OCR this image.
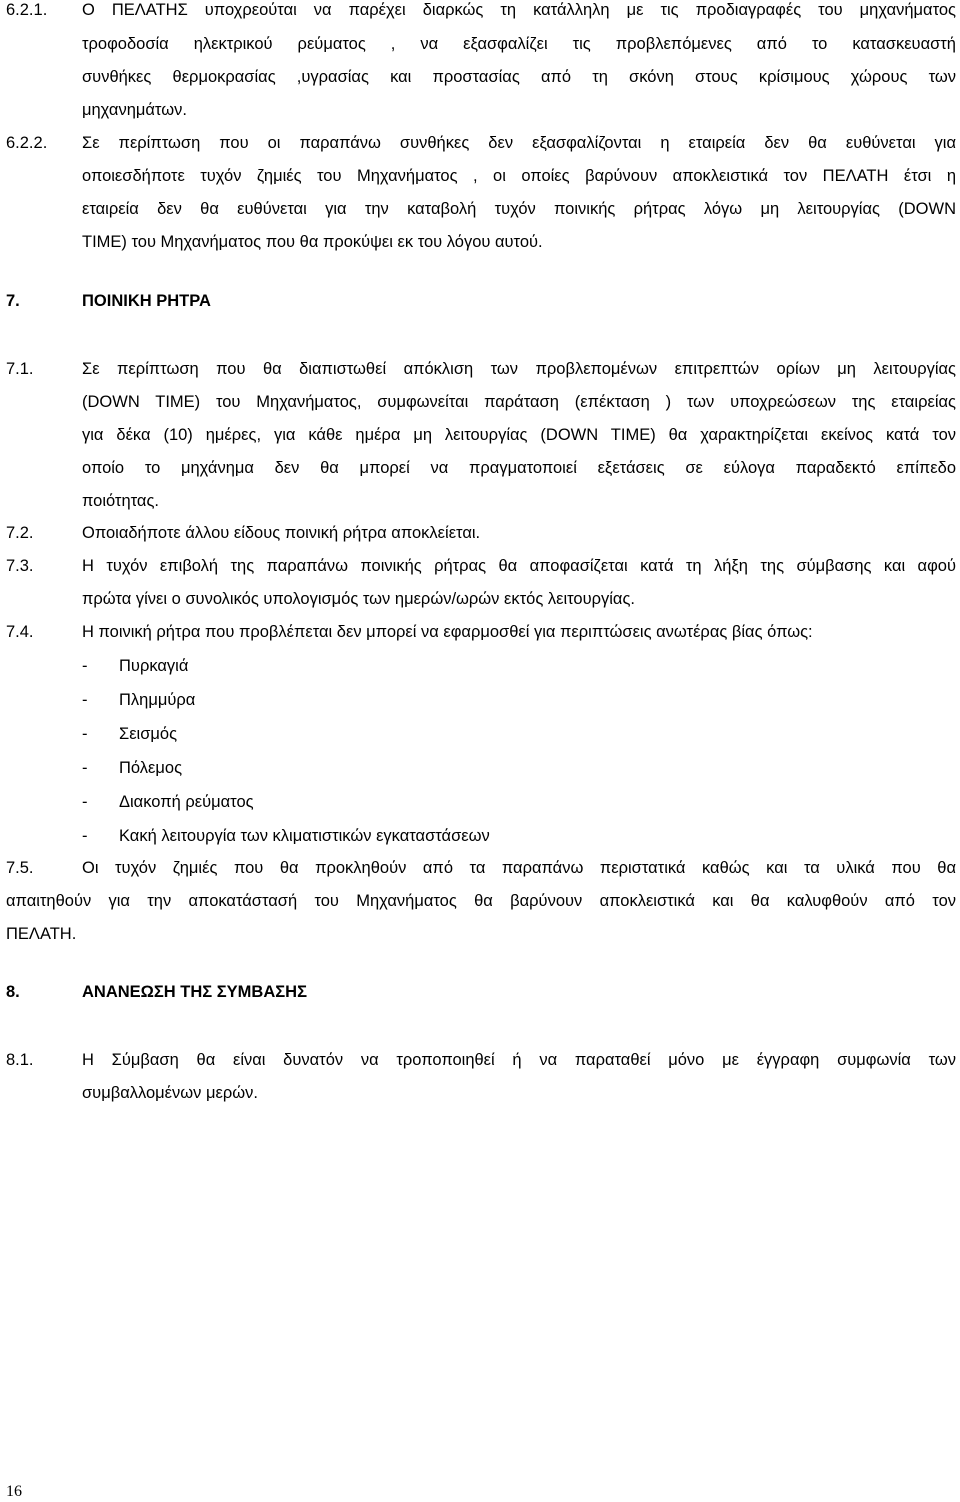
6.2.1. Ο ΠΕΛΑΤΗΣ υποχρεούται να παρέχει διαρκώς τη κατάλληλη με τις προδιαγραφές του μηχανήματος
τροφοδοσία ηλεκτρικού ρεύματος , να εξασφαλίζει τις προβλεπόμενες από το κατασκευαστή
συνθήκες θερμοκρασίας ,υγρασίας και προστασίας από τη σκόνη στους κρίσιμους χώρους των
μηχανημάτων.
6.2.2. Σε περίπτωση που οι παραπάνω συνθήκες δεν εξασφαλίζονται η εταιρεία δεν θα ευθύνεται για
οποιεσδήποτε τυχόν ζημιές του Μηχανήματος , οι οποίες βαρύνουν αποκλειστικά τον ΠΕΛΑΤΗ έτσι η
εταιρεία δεν θα ευθύνεται για την καταβολή τυχόν ποινικής ρήτρας λόγω μη λειτουργίας (DOWN
TIME) του Μηχανήματος που θα προκύψει εκ του λόγου αυτού.
7.	ΠΟΙΝΙΚΗ ΡΗΤΡΑ
7.1.	Σε περίπτωση που θα διαπιστωθεί απόκλιση των προβλεπομένων επιτρεπτών ορίων μη λειτουργίας
(DOWN TIME) του Μηχανήματος, συμφωνείται παράταση (επέκταση ) των υποχρεώσεων της εταιρείας
για δέκα (10) ημέρες, για κάθε ημέρα μη λειτουργίας (DOWN TIME) θα χαρακτηρίζεται εκείνος κατά τον
οποίο το μηχάνημα δεν θα μπορεί να πραγματοποιεί εξετάσεις σε εύλογα παραδεκτό επίπεδο
ποιότητας.
7.2.	Οποιαδήποτε άλλου είδους ποινική ρήτρα αποκλείεται.
7.3.	Η τυχόν επιβολή της παραπάνω ποινικής ρήτρας θα αποφασίζεται κατά τη λήξη της σύμβασης και αφού
πρώτα γίνει ο συνολικός υπολογισμός των ημερών/ωρών εκτός λειτουργίας.
7.4.	Η ποινική ρήτρα που προβλέπεται δεν μπορεί να εφαρμοσθεί για περιπτώσεις ανωτέρας βίας όπως:
- Πυρκαγιά
- Πλημμύρα
- Σεισμός
- Πόλεμος
- Διακοπή ρεύματος
- Κακή λειτουργία των κλιματιστικών εγκαταστάσεων
7.5.	Οι τυχόν ζημιές που θα προκληθούν από τα παραπάνω περιστατικά καθώς και τα υλικά που θα
απαιτηθούν για την αποκατάστασή του Μηχανήματος θα βαρύνουν αποκλειστικά και θα καλυφθούν από τον
ΠΕΛΑΤΗ.
8.	ΑΝΑΝΕΩΣΗ ΤΗΣ ΣΥΜΒΑΣΗΣ
8.1.	Η Σύμβαση θα είναι δυνατόν να τροποποιηθεί ή να παραταθεί μόνο με έγγραφη συμφωνία των
συμβαλλομένων μερών.
16
